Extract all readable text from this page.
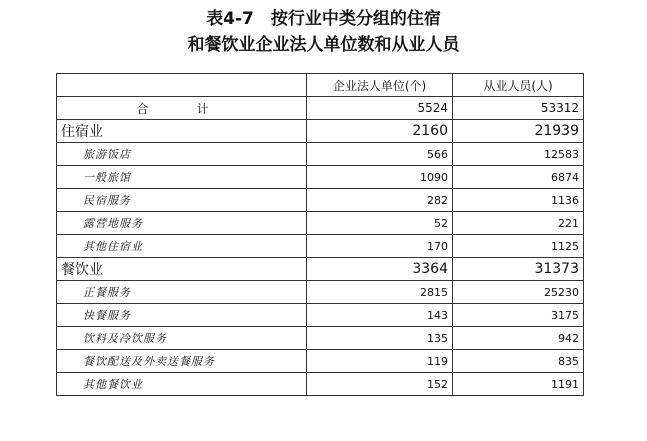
表4-7　按行业中类分组的住宿
和餐饮业企业法人单位数和从业人员
	企业法人单位(个)	从业人员(人)
合　计	5524	53312
住宿业	2160	21939
旅游饭店	566	12583
一般旅馆	1090	6874
民宿服务	282	1136
露营地服务	52	221
其他住宿业	170	1125
餐饮业	3364	31373
正餐服务	2815	25230
快餐服务	143	3175
饮料及冷饮服务	135	942
餐饮配送及外卖送餐服务	119	835
其他餐饮业	152	1191
